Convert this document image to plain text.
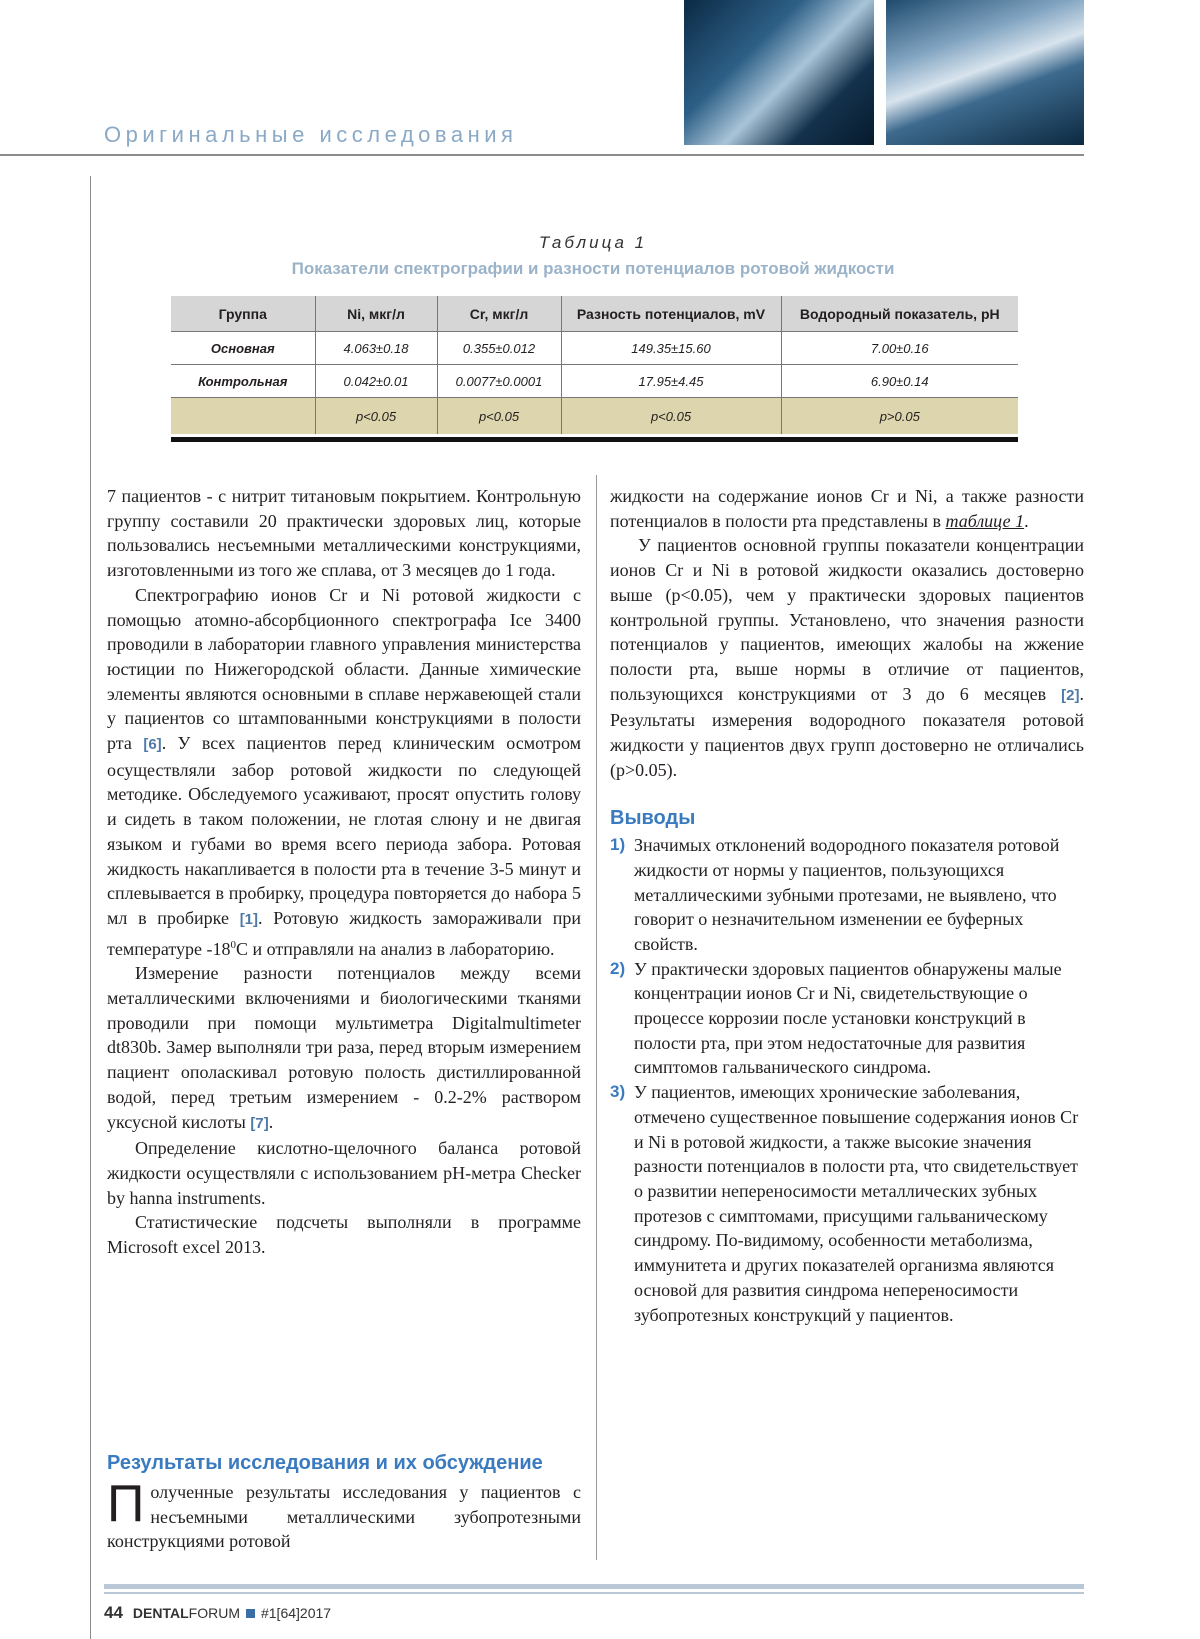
Оригинальные исследования
Таблица 1
Показатели спектрографии и разности потенциалов ротовой жидкости
Группа	Ni, мкг/л	Cr, мкг/л	Разность потенциалов, mV	Водородный показатель, pH
Основная	4.063±0.18	0.355±0.012	149.35±15.60	7.00±0.16
Контрольная	0.042±0.01	0.0077±0.0001	17.95±4.45	6.90±0.14
	p<0.05	p<0.05	p<0.05	p>0.05

7 пациентов - с нитрит титановым покрытием. Контрольную группу составили 20 практически здоровых лиц, которые пользовались несъемными металлическими конструкциями, изготовленными из того же сплава, от 3 месяцев до 1 года.

Спектрографию ионов Cr и Ni ротовой жидкости с помощью атомно-абсорбционного спектрографа Ice 3400 проводили в лаборатории главного управления министерства юстиции по Нижегородской области. Данные химические элементы являются основными в сплаве нержавеющей стали у пациентов со штампованными конструкциями в полости рта [6]. У всех пациентов перед клиническим осмотром осуществляли забор ротовой жидкости по следующей методике. Обследуемого усаживают, просят опустить голову и сидеть в таком положении, не глотая слюну и не двигая языком и губами во время всего периода забора. Ротовая жидкость накапливается в полости рта в течение 3-5 минут и сплевывается в пробирку, процедура повторяется до набора 5 мл в пробирке [1]. Ротовую жидкость замораживали при температуре $-18^0С$ и отправляли на анализ в лабораторию.

Измерение разности потенциалов между всеми металлическими включениями и биологическими тканями проводили при помощи мультиметра Digitalmultimeter dt830b. Замер выполняли три раза, перед вторым измерением пациент ополаскивал ротовую полость дистиллированной водой, перед третьим измерением - 0.2-2% раствором уксусной кислоты [7].

Определение кислотно-щелочного баланса ротовой жидкости осуществляли с использованием pH-метра Checker by hanna instruments.

Статистические подсчеты выполняли в программе Microsoft excel 2013.

Результаты исследования и их обсуждение
Полученные результаты исследования у пациентов с несъемными металлическими зубопротезными конструкциями ротовой

жидкости на содержание ионов Cr и Ni, а также разности потенциалов в полости рта представлены в таблице 1.

У пациентов основной группы показатели концентрации ионов Cr и Ni в ротовой жидкости оказались достоверно выше (p<0.05), чем у практически здоровых пациентов контрольной группы. Установлено, что значения разности потенциалов у пациентов, имеющих жалобы на жжение полости рта, выше нормы в отличие от пациентов, пользующихся конструкциями от 3 до 6 месяцев [2]. Результаты измерения водородного показателя ротовой жидкости у пациентов двух групп достоверно не отличались (p>0.05).

Выводы
1) Значимых отклонений водородного показателя ротовой жидкости от нормы у пациентов, пользующихся металлическими зубными протезами, не выявлено, что говорит о незначительном изменении ее буферных свойств.
2) У практически здоровых пациентов обнаружены малые концентрации ионов Cr и Ni, свидетельствующие о процессе коррозии после установки конструкций в полости рта, при этом недостаточные для развития симптомов гальванического синдрома.
3) У пациентов, имеющих хронические заболевания, отмечено существенное повышение содержания ионов Cr и Ni в ротовой жидкости, а также высокие значения разности потенциалов в полости рта, что свидетельствует о развитии непереносимости металлических зубных протезов с симптомами, присущими гальваническому синдрому. По-видимому, особенности метаболизма, иммунитета и других показателей организма являются основой для развития синдрома непереносимости зубопротезных конструкций у пациентов.
44 DENTALFORUM #1[64]2017
